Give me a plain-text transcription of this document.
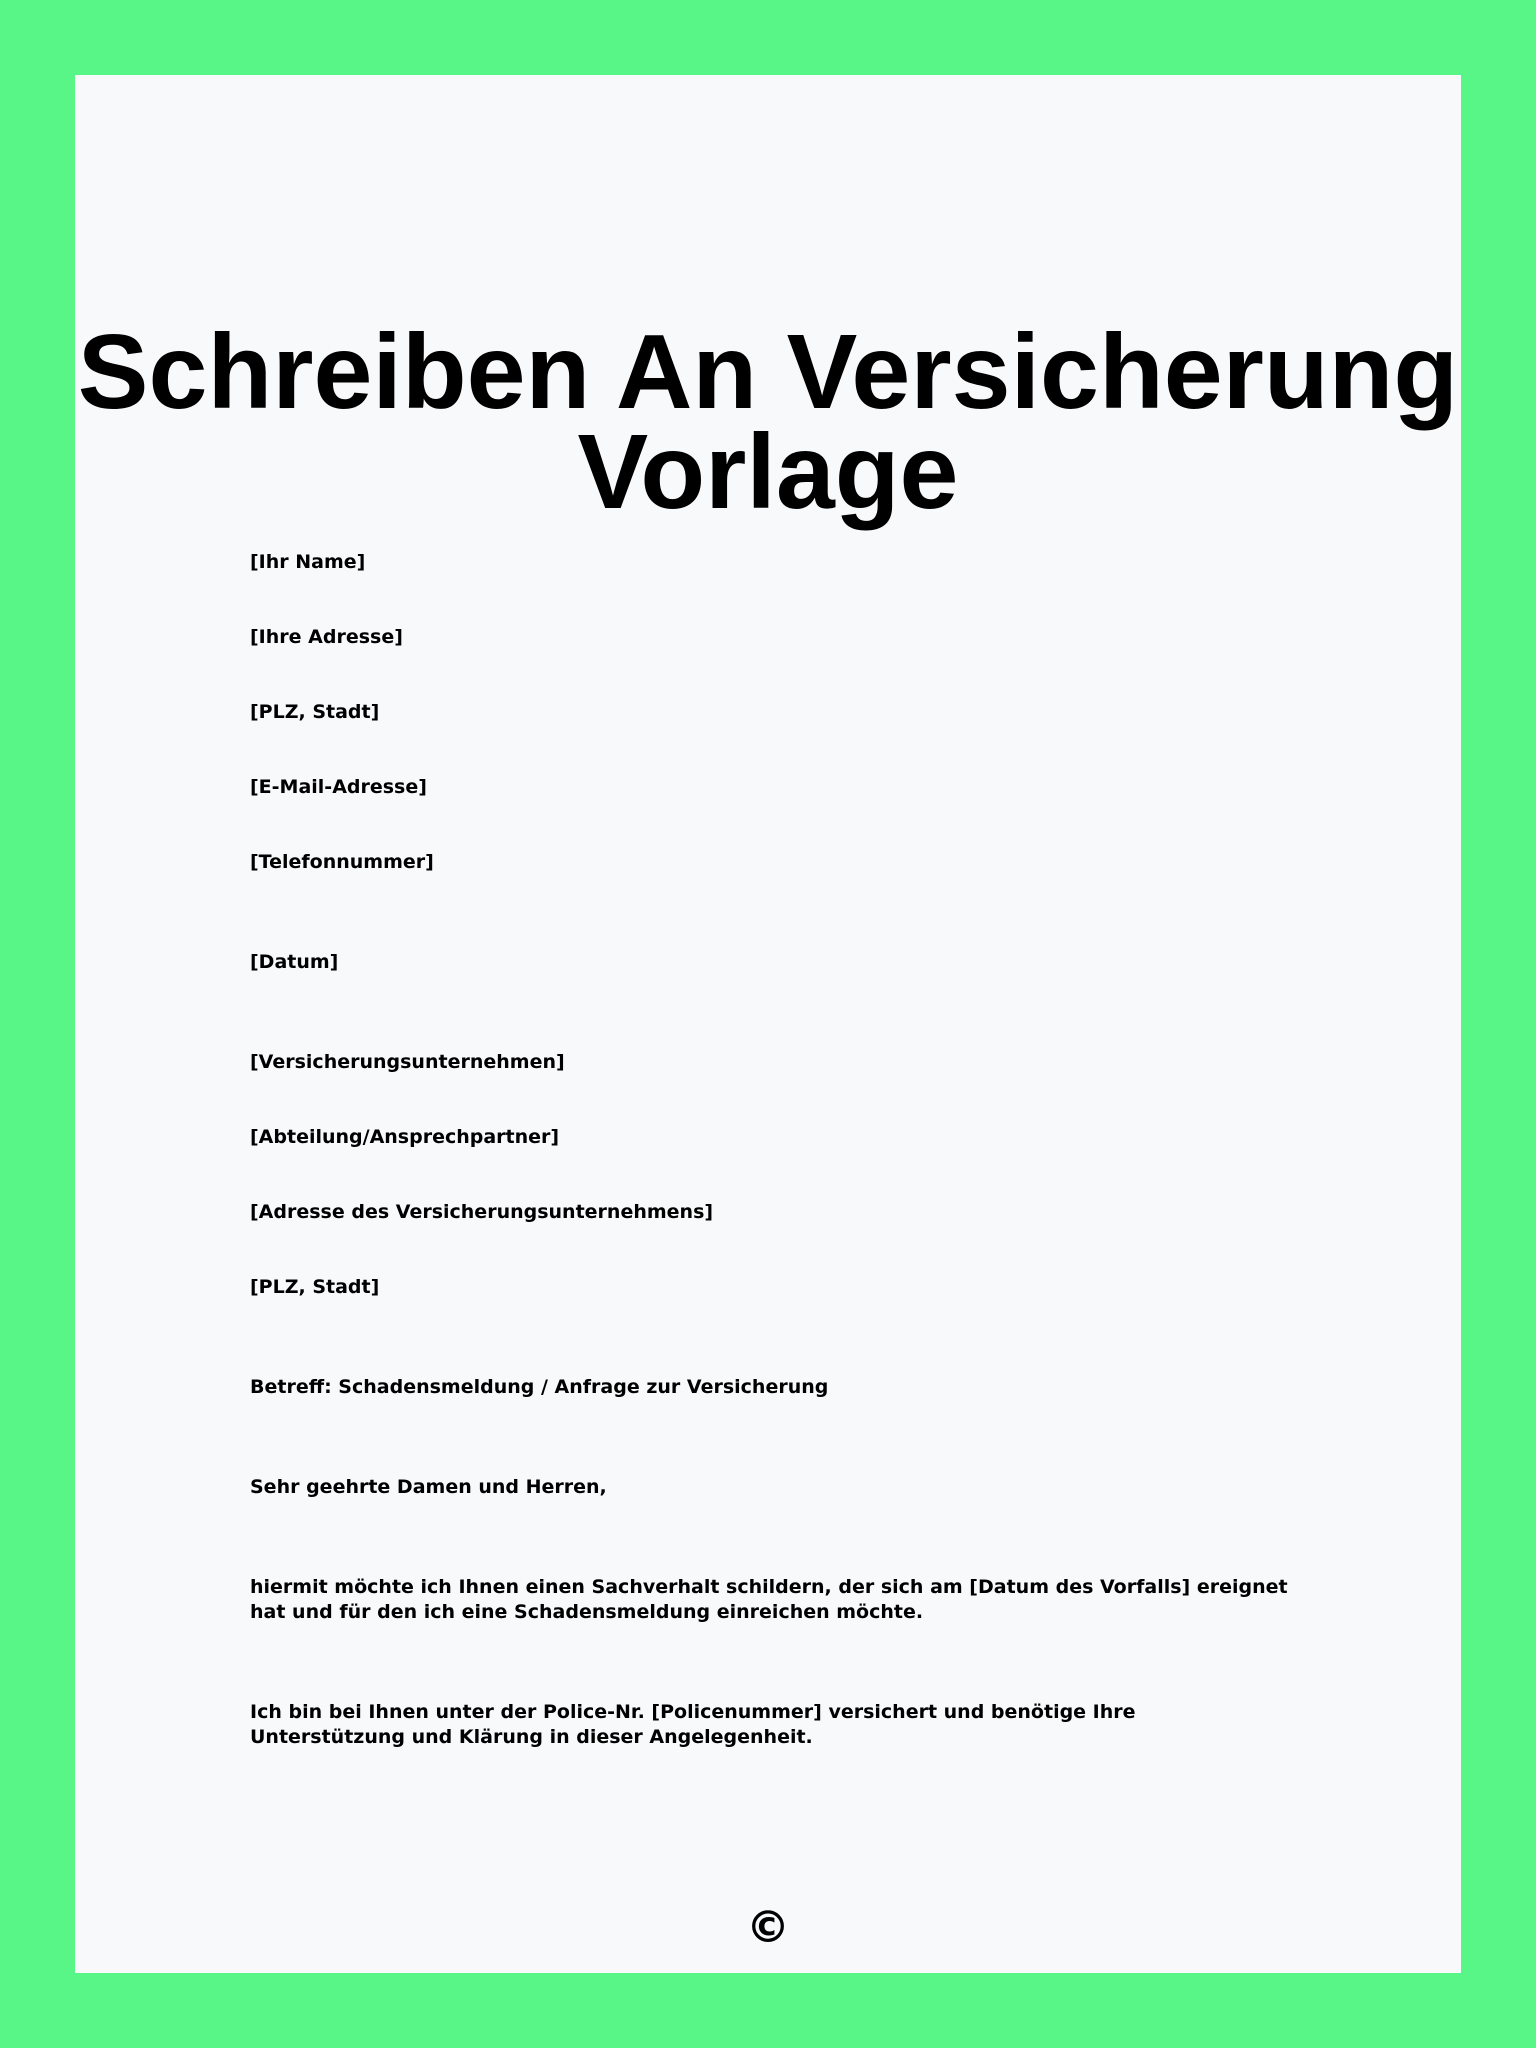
Schreiben An Versicherung
Vorlage

[Ihr Name]

[Ihre Adresse]

[PLZ, Stadt]

[E-Mail-Adresse]

[Telefonnummer]

[Datum]

[Versicherungsunternehmen]

[Abteilung/Ansprechpartner]

[Adresse des Versicherungsunternehmens]

[PLZ, Stadt]

Betreff: Schadensmeldung / Anfrage zur Versicherung

Sehr geehrte Damen und Herren,

hiermit möchte ich Ihnen einen Sachverhalt schildern, der sich am [Datum des Vorfalls] ereignet hat und für den ich eine Schadensmeldung einreichen möchte.

Ich bin bei Ihnen unter der Police-Nr. [Policenummer] versichert und benötige Ihre Unterstützung und Klärung in dieser Angelegenheit.

©
